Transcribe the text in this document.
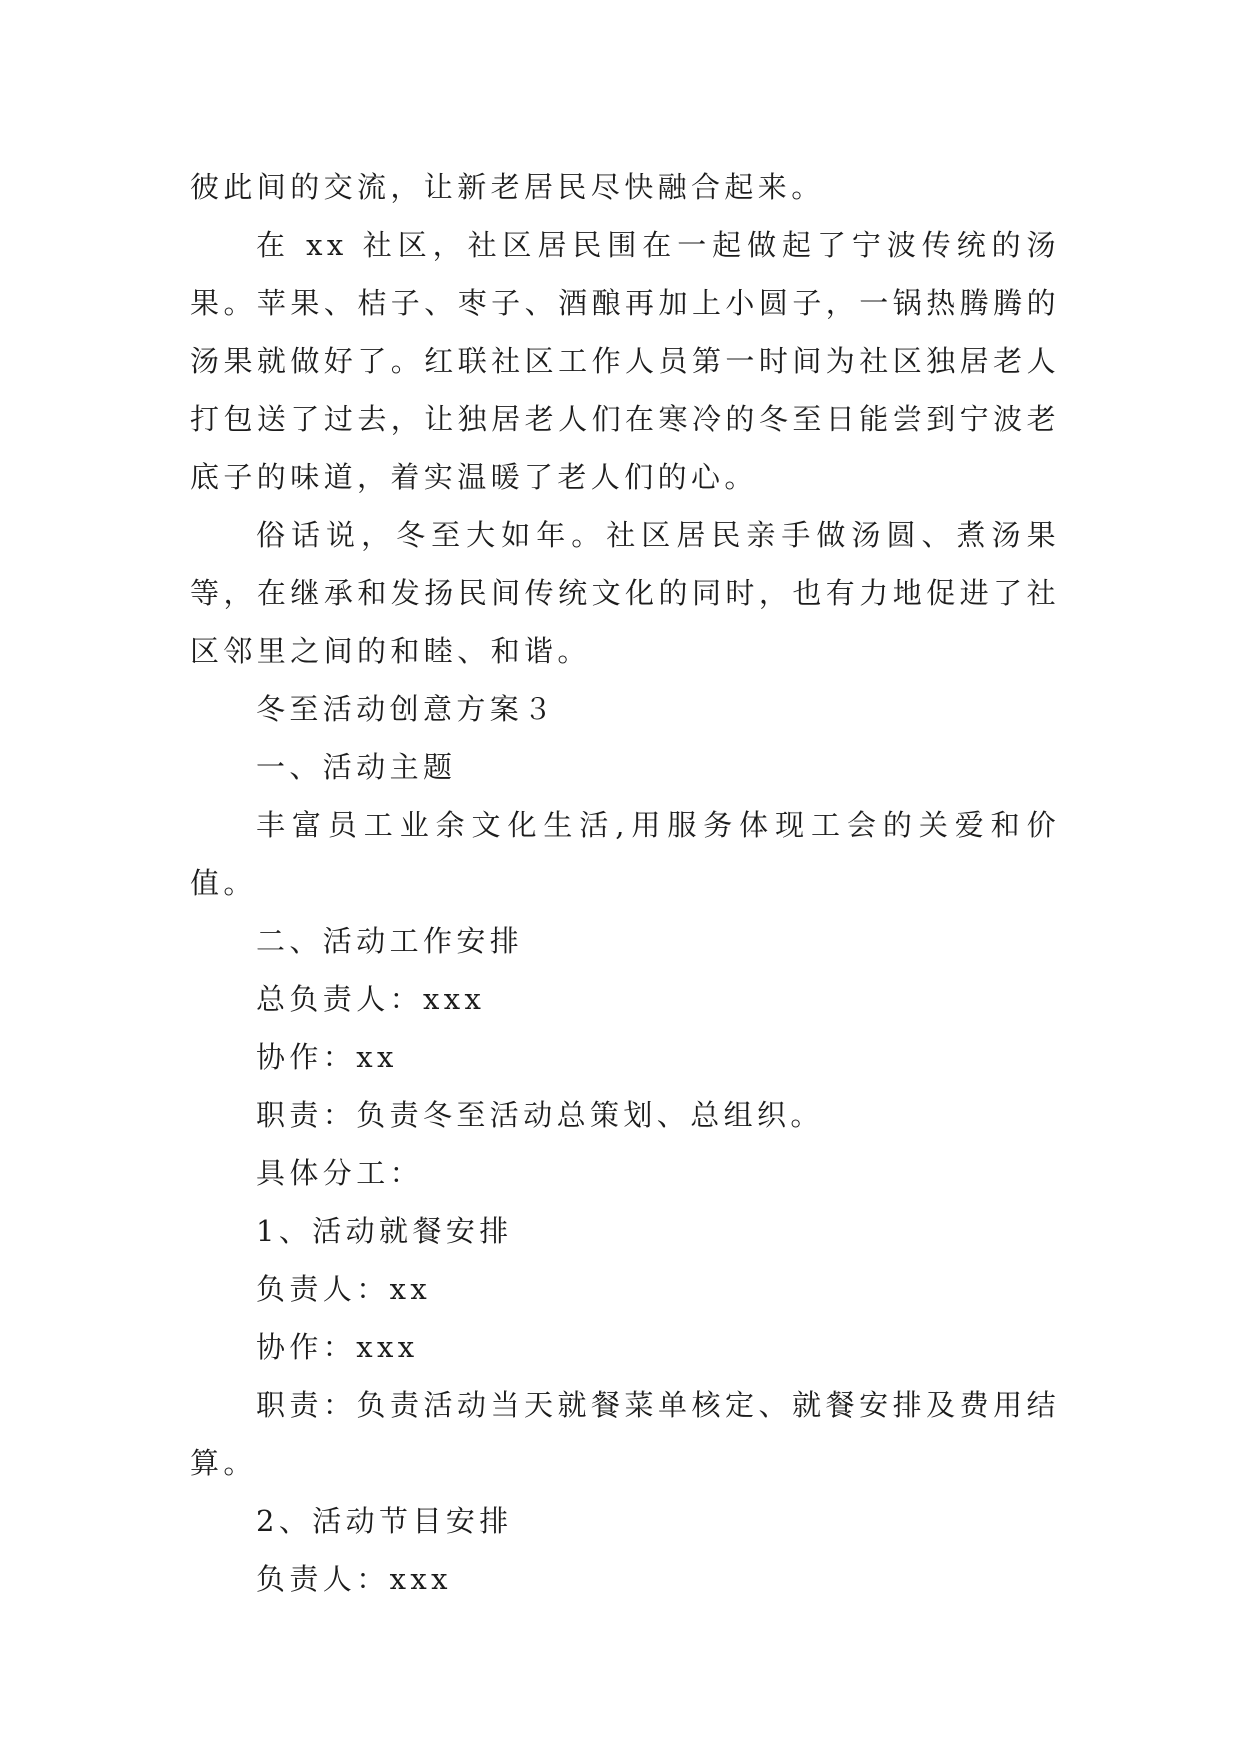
彼此间的交流，让新老居民尽快融合起来。

在 xx 社区，社区居民围在一起做起了宁波传统的汤果。苹果、桔子、枣子、酒酿再加上小圆子，一锅热腾腾的汤果就做好了。红联社区工作人员第一时间为社区独居老人打包送了过去，让独居老人们在寒冷的冬至日能尝到宁波老底子的味道，着实温暖了老人们的心。

俗话说，冬至大如年。社区居民亲手做汤圆、煮汤果等，在继承和发扬民间传统文化的同时，也有力地促进了社区邻里之间的和睦、和谐。

冬至活动创意方案３

一、活动主题

丰富员工业余文化生活,用服务体现工会的关爱和价值。

二、活动工作安排

总负责人：xxx

协作：xx

职责：负责冬至活动总策划、总组织。

具体分工：

1、活动就餐安排

负责人：xx

协作：xxx

职责：负责活动当天就餐菜单核定、就餐安排及费用结算。

2、活动节目安排

负责人：xxx
